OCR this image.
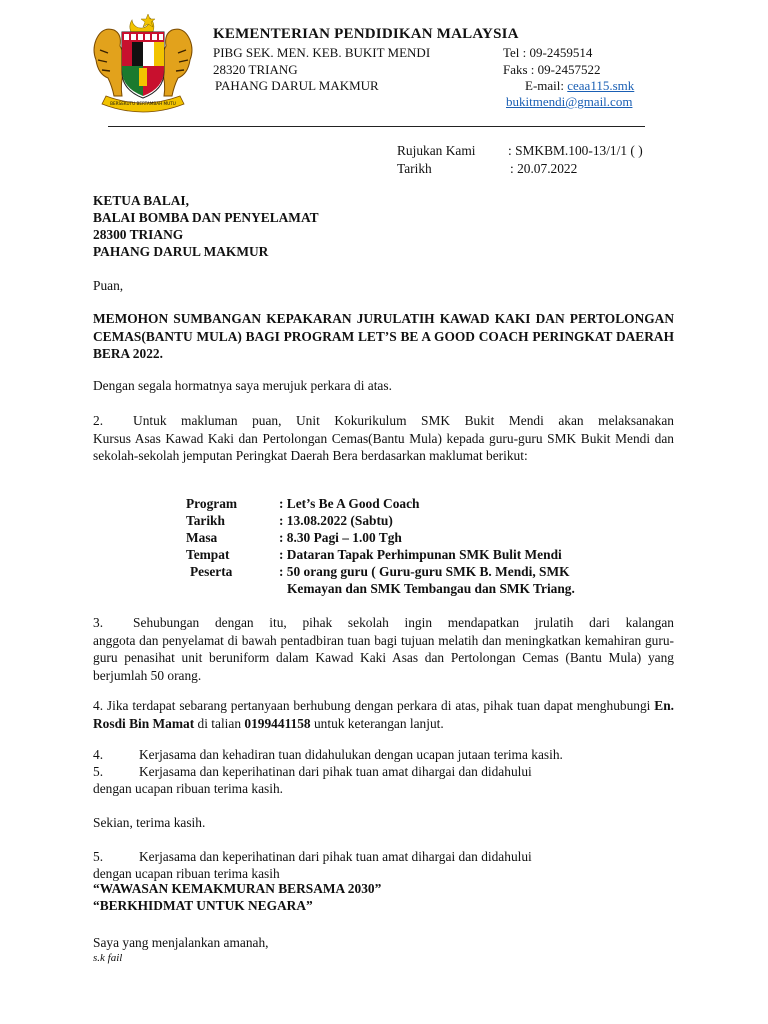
BERSEKUTU BERTAMBAH MUTU
KEMENTERIAN PENDIDIKAN MALAYSIA
PIBG SEK. MEN. KEB. BUKIT MENDI
28320 TRIANG
PAHANG DARUL MAKMUR
Tel : 09-2459514
Faks : 09-2457522
E-mail: ceaa115.smk
bukitmendi@gmail.com
Rujukan Kami : SMKBM.100-13/1/1 ( )
Tarikh	: 20.07.2022
KETUA BALAI,
BALAI BOMBA DAN PENYELAMAT
28300 TRIANG
PAHANG DARUL MAKMUR
Puan,
MEMOHON SUMBANGAN KEPAKARAN JURULATIH KAWAD KAKI DAN PERTOLONGAN CEMAS(BANTU MULA) BAGI PROGRAM LET’S BE A GOOD COACH PERINGKAT DAERAH BERA 2022.
Dengan segala hormatnya saya merujuk perkara di atas.
2. Untuk makluman puan, Unit Kokurikulum SMK Bukit Mendi akan melaksanakan
Kursus Asas Kawad Kaki dan Pertolongan Cemas(Bantu Mula) kepada guru-guru SMK Bukit Mendi dan sekolah-sekolah jemputan Peringkat Daerah Bera berdasarkan maklumat berikut:
Program	: Let’s Be A Good Coach
Tarikh	: 13.08.2022 (Sabtu)
Masa	: 8.30 Pagi – 1.00 Tgh
Tempat	: Dataran Tapak Perhimpunan SMK Bulit Mendi
Peserta	: 50 orang guru ( Guru-guru SMK B. Mendi, SMK
Kemayan dan SMK Tembangau dan SMK Triang.
3. Sehubungan dengan itu, pihak sekolah ingin mendapatkan jrulatih dari kalangan
anggota dan penyelamat di bawah pentadbiran tuan bagi tujuan melatih dan meningkatkan kemahiran guru-guru penasihat unit beruniform dalam Kawad Kaki Asas dan Pertolongan Cemas (Bantu Mula) yang berjumlah 50 orang.
4. Jika terdapat sebarang pertanyaan berhubung dengan perkara di atas, pihak tuan dapat menghubungi En. Rosdi Bin Mamat di talian 0199441158 untuk keterangan lanjut.
4.	Kerjasama dan kehadiran tuan didahulukan dengan ucapan jutaan terima kasih.
5.	Kerjasama dan keperihatinan dari pihak tuan amat dihargai dan didahului
dengan ucapan ribuan terima kasih.
Sekian, terima kasih.
5.	Kerjasama dan keperihatinan dari pihak tuan amat dihargai dan didahului
dengan ucapan ribuan terima kasih
“WAWASAN KEMAKMURAN BERSAMA 2030”
“BERKHIDMAT UNTUK NEGARA”
Saya yang menjalankan amanah,
s.k fail
